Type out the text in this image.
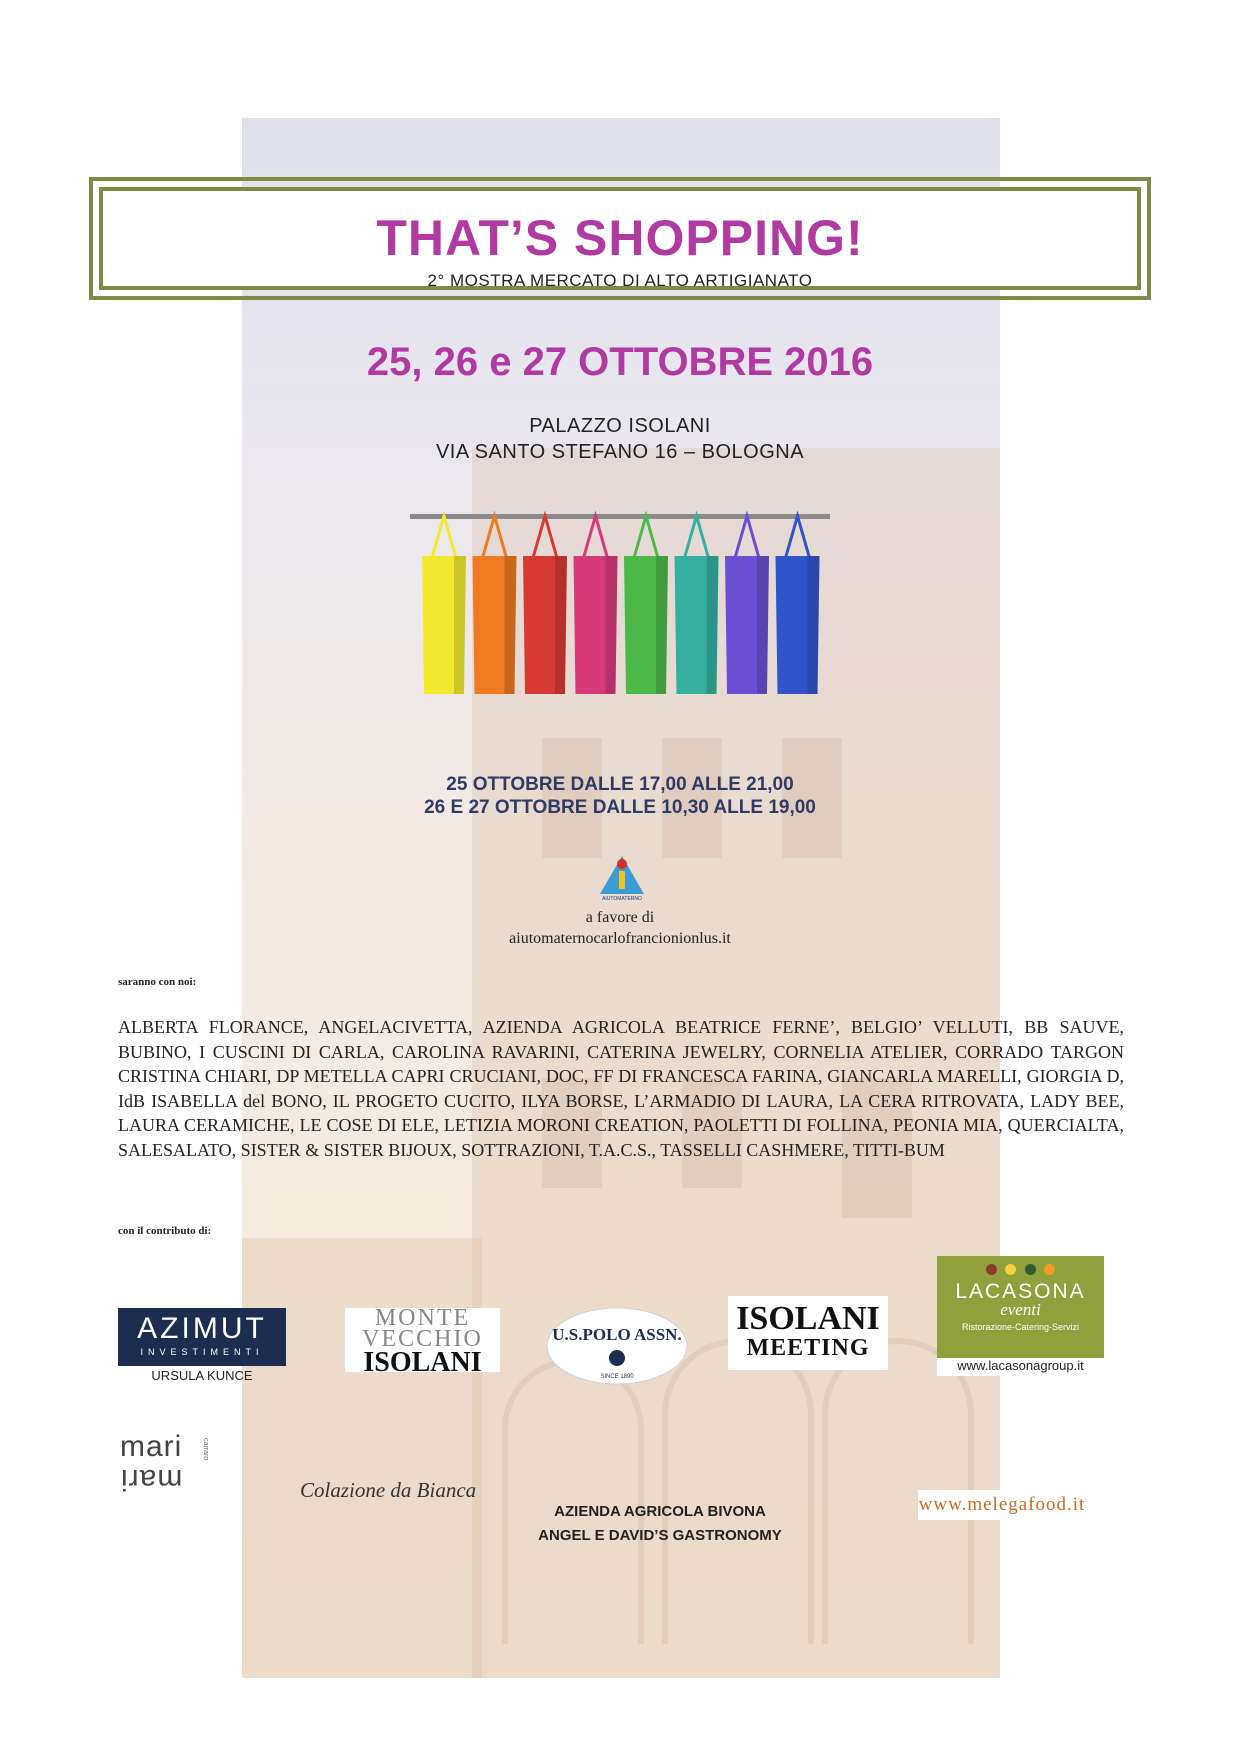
THAT’S SHOPPING!
2° MOSTRA MERCATO DI ALTO ARTIGIANATO
25, 26 e 27 OTTOBRE 2016
PALAZZO ISOLANI
VIA SANTO STEFANO 16 – BOLOGNA
25 OTTOBRE DALLE 17,00 ALLE 21,00
26 E 27 OTTOBRE DALLE 10,30 ALLE 19,00
AIUTOMATERNO
a favore di
aiutomaternocarlofrancionionlus.it
saranno con noi:
ALBERTA FLORANCE, ANGELACIVETTA, AZIENDA AGRICOLA BEATRICE FERNE’, BELGIO’ VELLUTI, BB SAUVE, BUBINO, I CUSCINI DI CARLA, CAROLINA RAVARINI, CATERINA JEWELRY, CORNELIA ATELIER, CORRADO TARGON CRISTINA CHIARI, DP METELLA CAPRI CRUCIANI, DOC, FF DI FRANCESCA FARINA, GIANCARLA MARELLI, GIORGIA D, IdB ISABELLA del BONO, IL PROGETO CUCITO, ILYA BORSE, L’ARMADIO DI LAURA, LA CERA RITROVATA, LADY BEE, LAURA CERAMICHE, LE COSE DI ELE, LETIZIA MORONI CREATION, PAOLETTI DI FOLLINA, PEONIA MIA, QUERCIALTA, SALESALATO, SISTER & SISTER BIJOUX, SOTTRAZIONI, T.A.C.S., TASSELLI CASHMERE, TITTI-BUM
con il contributo di:
AZIMUT
INVESTIMENTI
URSULA KUNCE
MONTE
VECCHIO
ISOLANI
U.S.POLO ASSN.
SINCE 1890
ISOLANI
MEETING

LACASONA
eventi
Ristorazione-Catering-Servizi
www.lacasonagroup.it
mari
mari
carraro
Colazione da Bianca
AZIENDA AGRICOLA BIVONA
ANGEL E DAVID’S GASTRONOMY
www.melegafood.it
